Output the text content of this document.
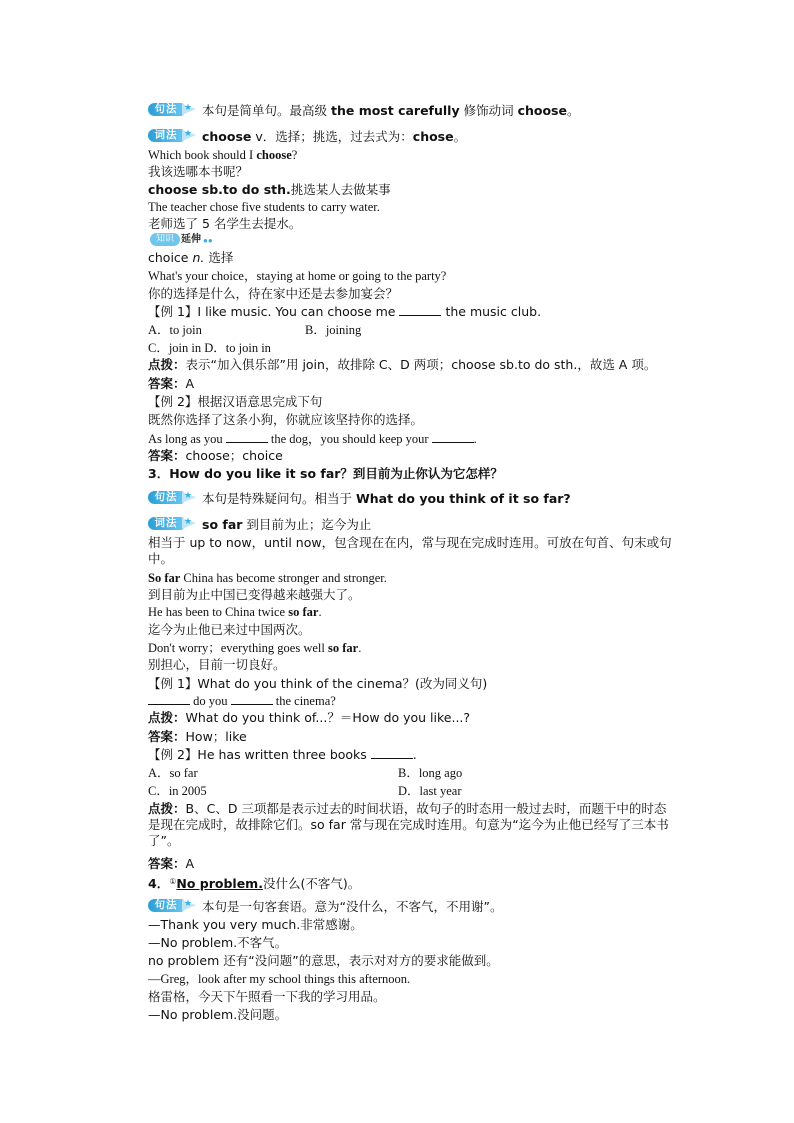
句法 ★ 本句是简单句。最高级 the most carefully 修饰动词 choose。
词法 ★ choose v．选择；挑选，过去式为：chose。
Which book should I choose?
我该选哪本书呢？
choose sb.to do sth.挑选某人去做某事
The teacher chose five students to carry water.
老师选了 5 名学生去提水。
知识 延伸 ●●
choice n. 选择
What's your choice，staying at home or going to the party?
你的选择是什么，待在家中还是去参加宴会？
【例 1】I like music. You can choose me	the music club.
A．to join	B．joining
C．join in D．to join in
点拨：表示“加入俱乐部”用 join，故排除 C、D 两项；choose sb.to do sth.，故选 A 项。
答案：A
【例 2】根据汉语意思完成下句
既然你选择了这条小狗，你就应该坚持你的选择。
As long as you	the dog，you should keep your	.
答案：choose；choice
3．How do you like it so far？到目前为止你认为它怎样？
句法 ★ 本句是特殊疑问句。相当于 What do you think of it so far?
词法 ★ so far 到目前为止；迄今为止
相当于 up to now，until now，包含现在在内，常与现在完成时连用。可放在句首、句末或句中。
So far China has become stronger and stronger.
到目前为止中国已变得越来越强大了。
He has been to China twice so far.
迄今为止他已来过中国两次。
Don't worry；everything goes well so far.
别担心，目前一切良好。
【例 1】What do you think of the cinema？(改为同义句)
do you	the cinema?
点拨：What do you think of...？＝How do you like...?
答案：How；like
【例 2】He has written three books	.
A．so far	B．long ago
C．in 2005	D．last year
点拨：B、C、D 三项都是表示过去的时间状语，故句子的时态用一般过去时，而题干中的时态是现在完成时，故排除它们。so far 常与现在完成时连用。句意为“迄今为止他已经写了三本书了”。
答案：A
4．①No problem.没什么(不客气)。
句法 ★ 本句是一句客套语。意为“没什么，不客气，不用谢”。
—Thank you very much.非常感谢。
—No problem.不客气。
no problem 还有“没问题”的意思，表示对对方的要求能做到。
—Greg，look after my school things this afternoon.
格雷格，今天下午照看一下我的学习用品。
—No problem.没问题。
